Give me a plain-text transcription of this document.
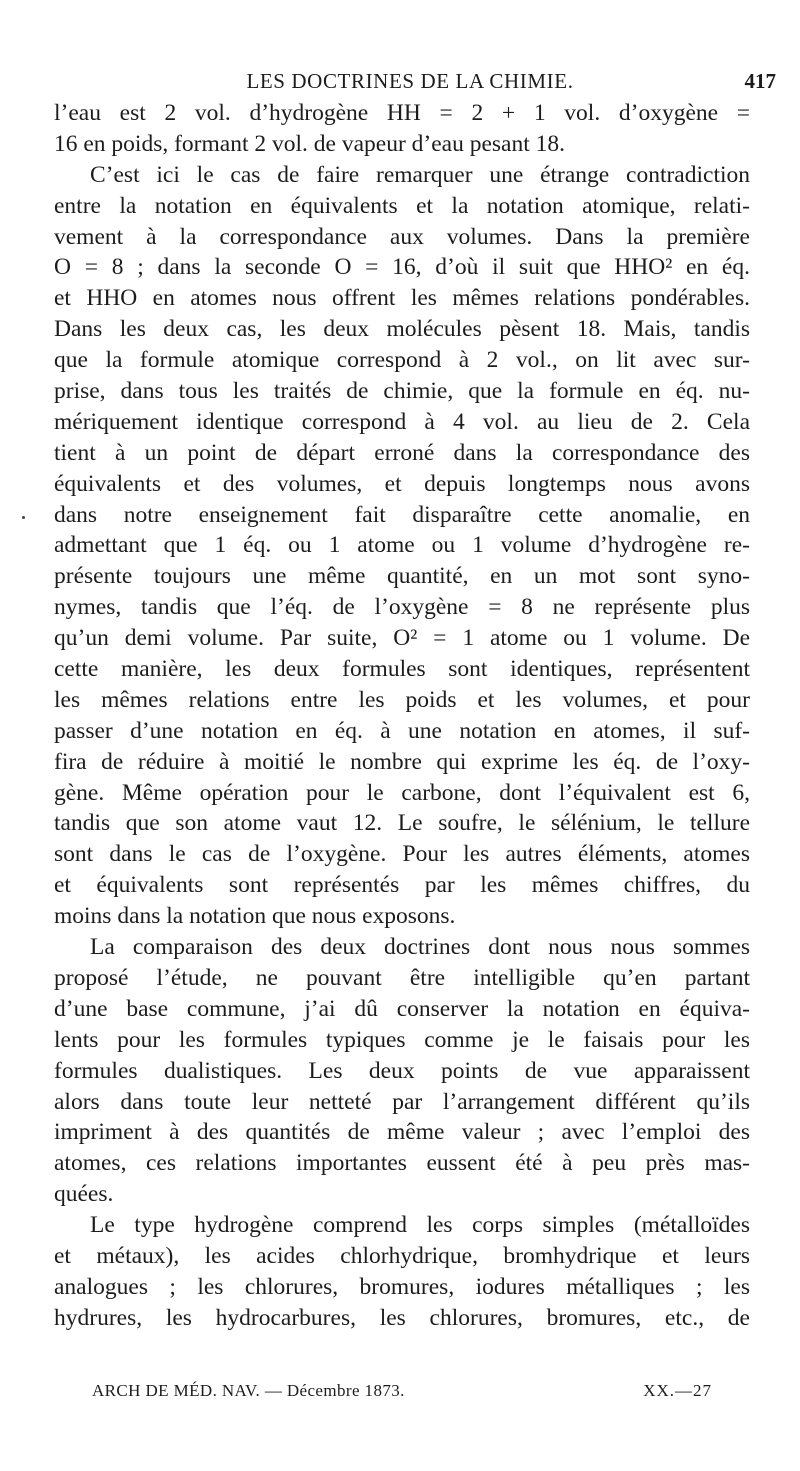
LES DOCTRINES DE LA CHIMIE.	417
l’eau est 2 vol. d’hydrogène HH = 2 + 1 vol. d’oxygène =
16 en poids, formant 2 vol. de vapeur d’eau pesant 18.
C’est ici le cas de faire remarquer une étrange contradiction
entre la notation en équivalents et la notation atomique, relati-
vement à la correspondance aux volumes. Dans la première
O = 8 ; dans la seconde O = 16, d’où il suit que HHO² en éq.
et HHO en atomes nous offrent les mêmes relations pondérables.
Dans les deux cas, les deux molécules pèsent 18. Mais, tandis
que la formule atomique correspond à 2 vol., on lit avec sur-
prise, dans tous les traités de chimie, que la formule en éq. nu-
mériquement identique correspond à 4 vol. au lieu de 2. Cela
tient à un point de départ erroné dans la correspondance des
équivalents et des volumes, et depuis longtemps nous avons
dans notre enseignement fait disparaître cette anomalie, en
admettant que 1 éq. ou 1 atome ou 1 volume d’hydrogène re-
présente toujours une même quantité, en un mot sont syno-
nymes, tandis que l’éq. de l’oxygène = 8 ne représente plus
qu’un demi volume. Par suite, O² = 1 atome ou 1 volume. De
cette manière, les deux formules sont identiques, représentent
les mêmes relations entre les poids et les volumes, et pour
passer d’une notation en éq. à une notation en atomes, il suf-
fira de réduire à moitié le nombre qui exprime les éq. de l’oxy-
gène. Même opération pour le carbone, dont l’équivalent est 6,
tandis que son atome vaut 12. Le soufre, le sélénium, le tellure
sont dans le cas de l’oxygène. Pour les autres éléments, atomes
et équivalents sont représentés par les mêmes chiffres, du
moins dans la notation que nous exposons.
La comparaison des deux doctrines dont nous nous sommes
proposé l’étude, ne pouvant être intelligible qu’en partant
d’une base commune, j’ai dû conserver la notation en équiva-
lents pour les formules typiques comme je le faisais pour les
formules dualistiques. Les deux points de vue apparaissent
alors dans toute leur netteté par l’arrangement différent qu’ils
impriment à des quantités de même valeur ; avec l’emploi des
atomes, ces relations importantes eussent été à peu près mas-
quées.
Le type hydrogène comprend les corps simples (métalloïdes
et métaux), les acides chlorhydrique, bromhydrique et leurs
analogues ; les chlorures, bromures, iodures métalliques ; les
hydrures, les hydrocarbures, les chlorures, bromures, etc., de
ARCH DE MÉD. NAV. — Décembre 1873.	XX.—27
